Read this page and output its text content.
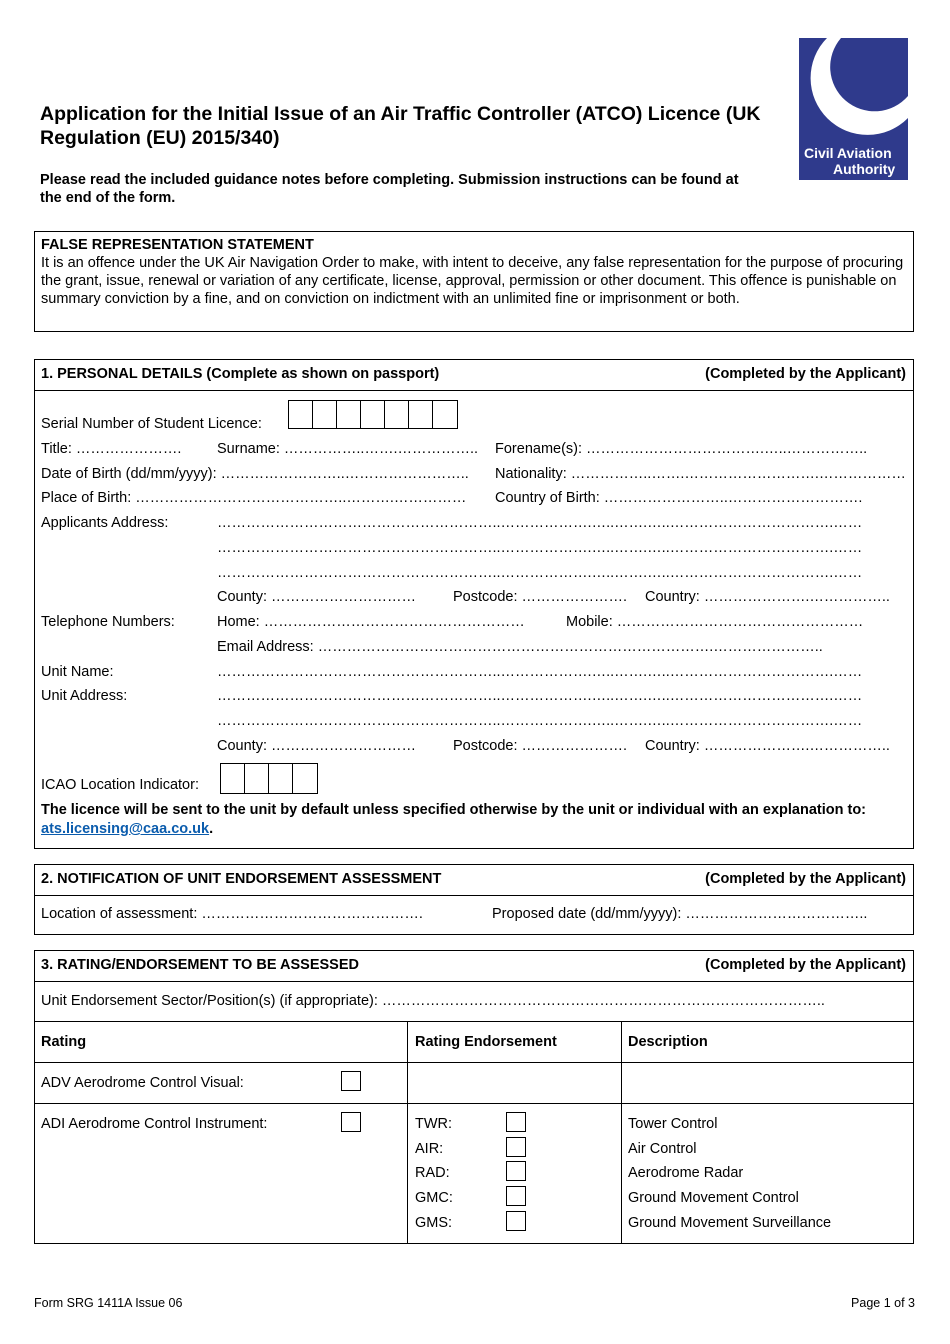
Application for the Initial Issue of an Air Traffic Controller (ATCO) Licence (UK Regulation (EU) 2015/340)
Please read the included guidance notes before completing. Submission instructions can be found at the end of the form.
Civil Aviation
Authority
FALSE REPRESENTATION STATEMENT
It is an offence under the UK Air Navigation Order to make, with intent to deceive, any false representation for the purpose of procuring the grant, issue, renewal or variation of any certificate, license, approval, permission or other document. This offence is punishable on summary conviction by a fine, and on conviction on indictment with an unlimited fine or imprisonment or both.
1. PERSONAL DETAILS (Complete as shown on passport)	(Completed by the Applicant)
Serial Number of Student Licence:
Title: …………………. Surname: ……………..…….…………….. Forename(s): ……………………………….…..……………..
Date of Birth (dd/mm/yyyy): ……………………..…………………….. Nationality: ……………..…….……………………….………………
Place of Birth: ……………………………………..……….…………… Country of Birth: ……………………..……………………….
Applicants Address:	…………………………………………………..……………….…..…….…..…………………………….……
…………………………………………………..……………….…..…….…..…………………………….……
…………………………………………………..……………….…..…….…..…………………………….……
County: …………………………	Postcode: …………………. Country: ………………….……………..
Telephone Numbers:	Home: ………………………………………………	Mobile: ……………………………………………
Email Address: ……………………………………………………………………….…………………..
Unit Name:	…………………………………………………..……………….…..…….…..…………………………….……
Unit Address:	…………………………………………………..……………….…..…….…..…………………………….……
…………………………………………………..……………….…..…….…..…………………………….……
County: …………………………	Postcode: …………………. Country: ………………….……………..
ICAO Location Indicator:
The licence will be sent to the unit by default unless specified otherwise by the unit or individual with an explanation to: ats.licensing@caa.co.uk.
2. NOTIFICATION OF UNIT ENDORSEMENT ASSESSMENT	(Completed by the Applicant)
Location of assessment: ……………………………………….	Proposed date (dd/mm/yyyy): ………………………………..
3. RATING/ENDORSEMENT TO BE ASSESSED	(Completed by the Applicant)
Unit Endorsement Sector/Position(s) (if appropriate): ………………………………………………………………………………..
Rating	Rating Endorsement	Description
ADV Aerodrome Control Visual:
ADI Aerodrome Control Instrument:	TWR:	Tower Control
AIR:	Air Control
RAD:	Aerodrome Radar
GMC:	Ground Movement Control
GMS:	Ground Movement Surveillance
Form SRG 1411A Issue 06	Page 1 of 3
